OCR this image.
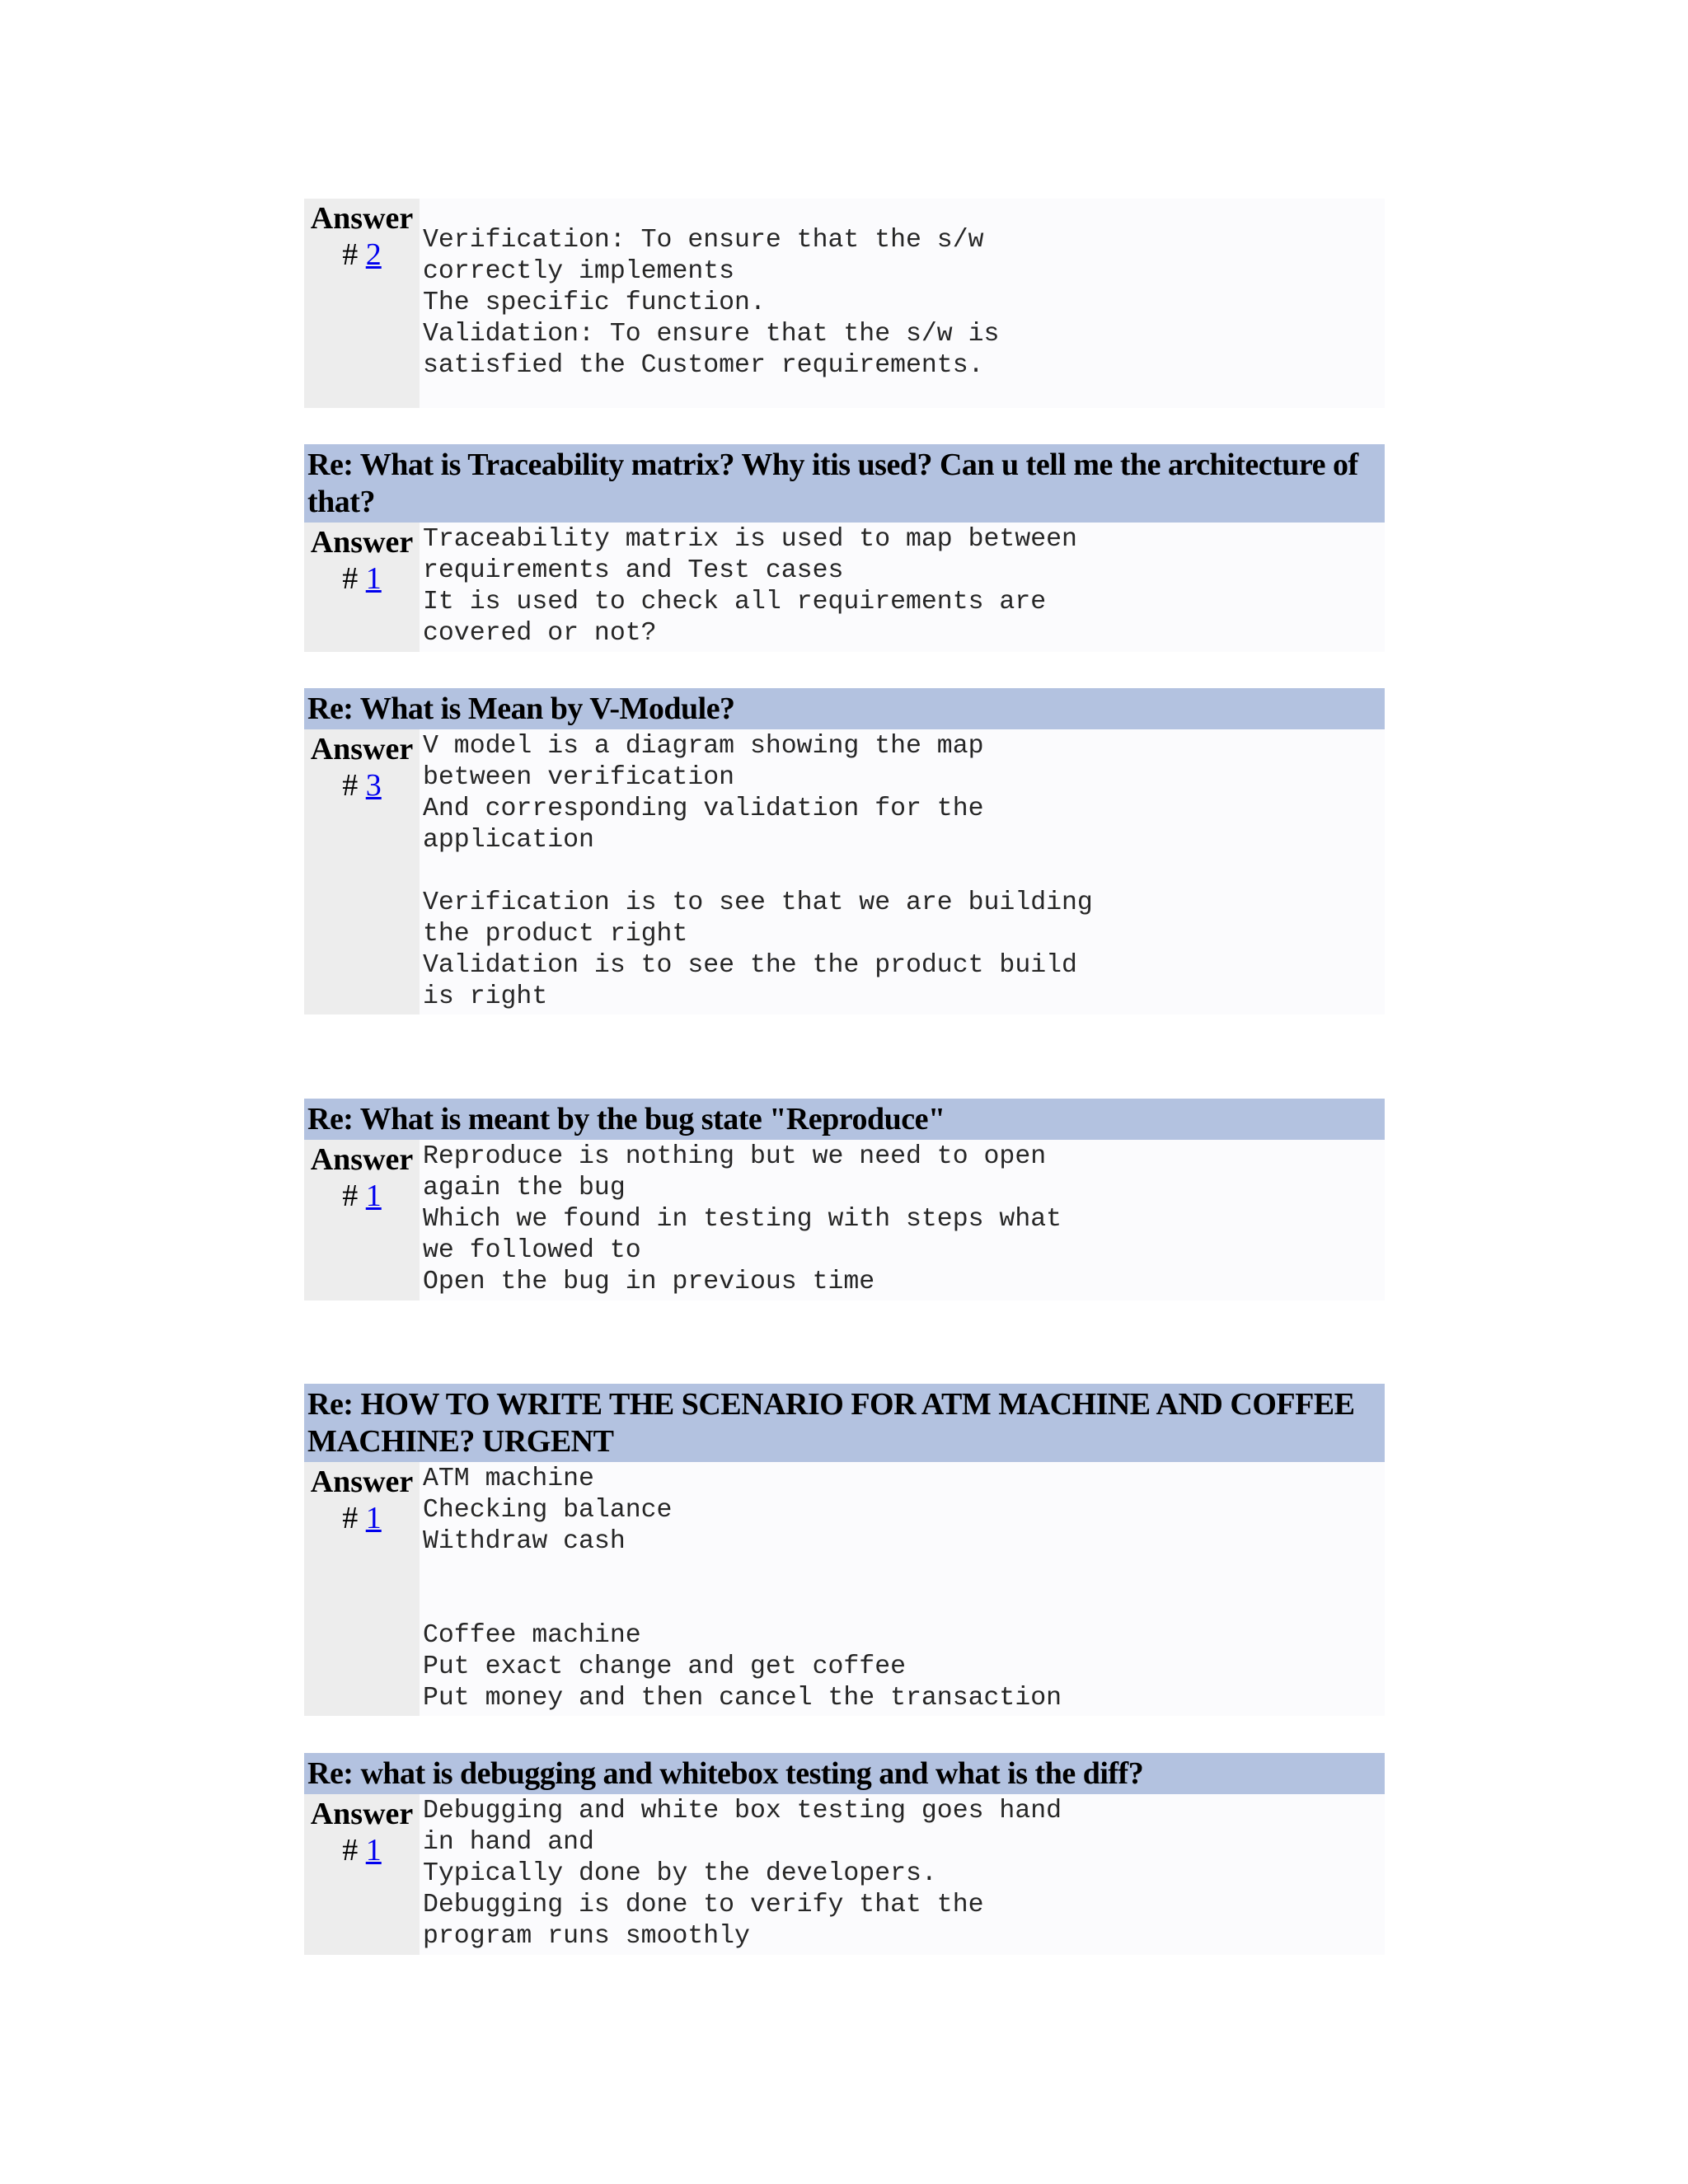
Answer
# 2	Verification: To ensure that the s/w
correctly implements
The specific function.
Validation: To ensure that the s/w is
satisfied the Customer requirements.
Re: What is Traceability matrix? Why itis used? Can u tell me the architecture of that?
Answer
# 1
Traceability matrix is used to map between
requirements and Test cases
It is used to check all requirements are
covered or not?
Re: What is Mean by V-Module?
Answer
# 3
V model is a diagram showing the map
between verification
And corresponding validation for the
application

Verification is to see that we are building
the product right
Validation is to see the the product build
is right
Re: What is meant by the bug state "Reproduce"
Answer
# 1
Reproduce is nothing but we need to open
again the bug
Which we found in testing with steps what
we followed to
Open the bug in previous time
Re: HOW TO WRITE THE SCENARIO FOR ATM MACHINE AND COFFEE MACHINE? URGENT
Answer
# 1
ATM machine
Checking balance
Withdraw cash

Coffee machine
Put exact change and get coffee
Put money and then cancel the transaction
Re: what is debugging and whitebox testing and what is the diff?
Answer
# 1
Debugging and white box testing goes hand
in hand and
Typically done by the developers.
Debugging is done to verify that the
program runs smoothly
